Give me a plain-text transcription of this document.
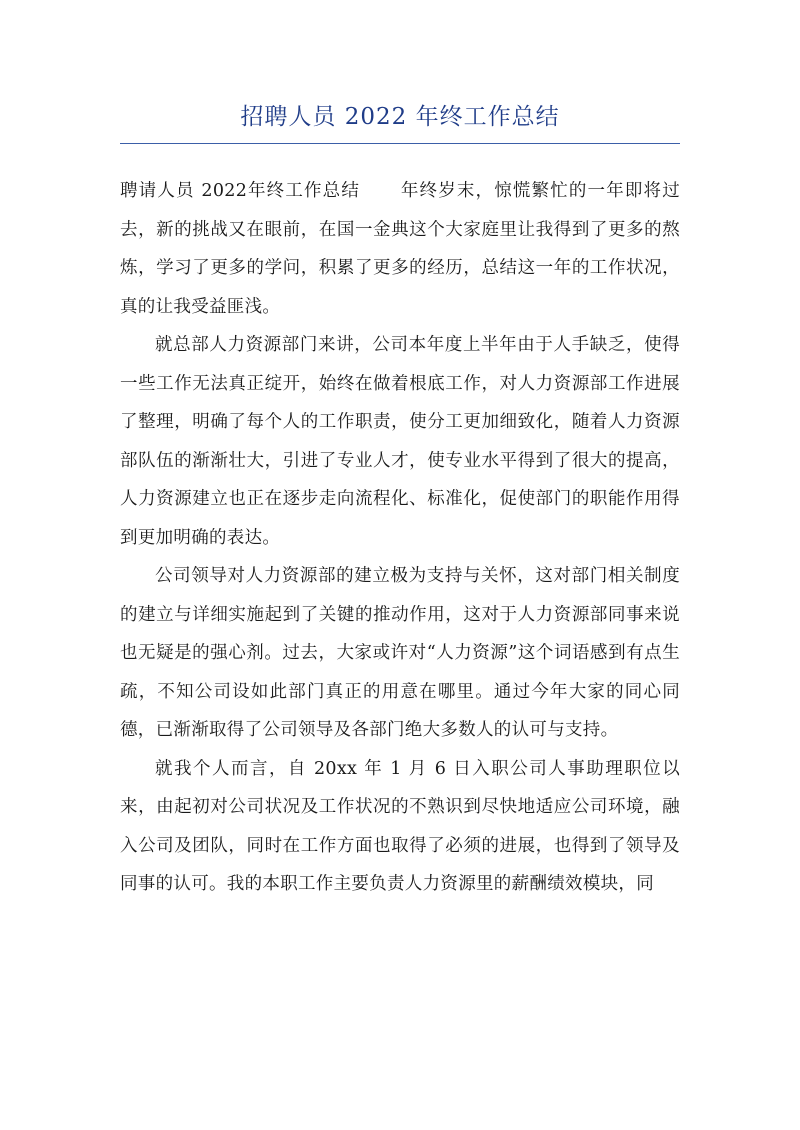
招聘人员 2022 年终工作总结

聘请人员 2022年终工作总结 年终岁末，惊慌繁忙的一年即将过去，新的挑战又在眼前，在国一金典这个大家庭里让我得到了更多的熬炼，学习了更多的学问，积累了更多的经历，总结这一年的工作状况，真的让我受益匪浅。

就总部人力资源部门来讲，公司本年度上半年由于人手缺乏，使得一些工作无法真正绽开，始终在做着根底工作，对人力资源部工作进展了整理，明确了每个人的工作职责，使分工更加细致化，随着人力资源部队伍的渐渐壮大，引进了专业人才，使专业水平得到了很大的提高，人力资源建立也正在逐步走向流程化、标准化，促使部门的职能作用得到更加明确的表达。

公司领导对人力资源部的建立极为支持与关怀，这对部门相关制度的建立与详细实施起到了关键的推动作用，这对于人力资源部同事来说也无疑是的强心剂。过去，大家或许对“人力资源”这个词语感到有点生疏，不知公司设如此部门真正的用意在哪里。通过今年大家的同心同德，已渐渐取得了公司领导及各部门绝大多数人的认可与支持。

就我个人而言，自 20xx 年 1 月 6 日入职公司人事助理职位以来，由起初对公司状况及工作状况的不熟识到尽快地适应公司环境，融入公司及团队，同时在工作方面也取得了必须的进展，也得到了领导及同事的认可。我的本职工作主要负责人力资源里的薪酬绩效模块，同
